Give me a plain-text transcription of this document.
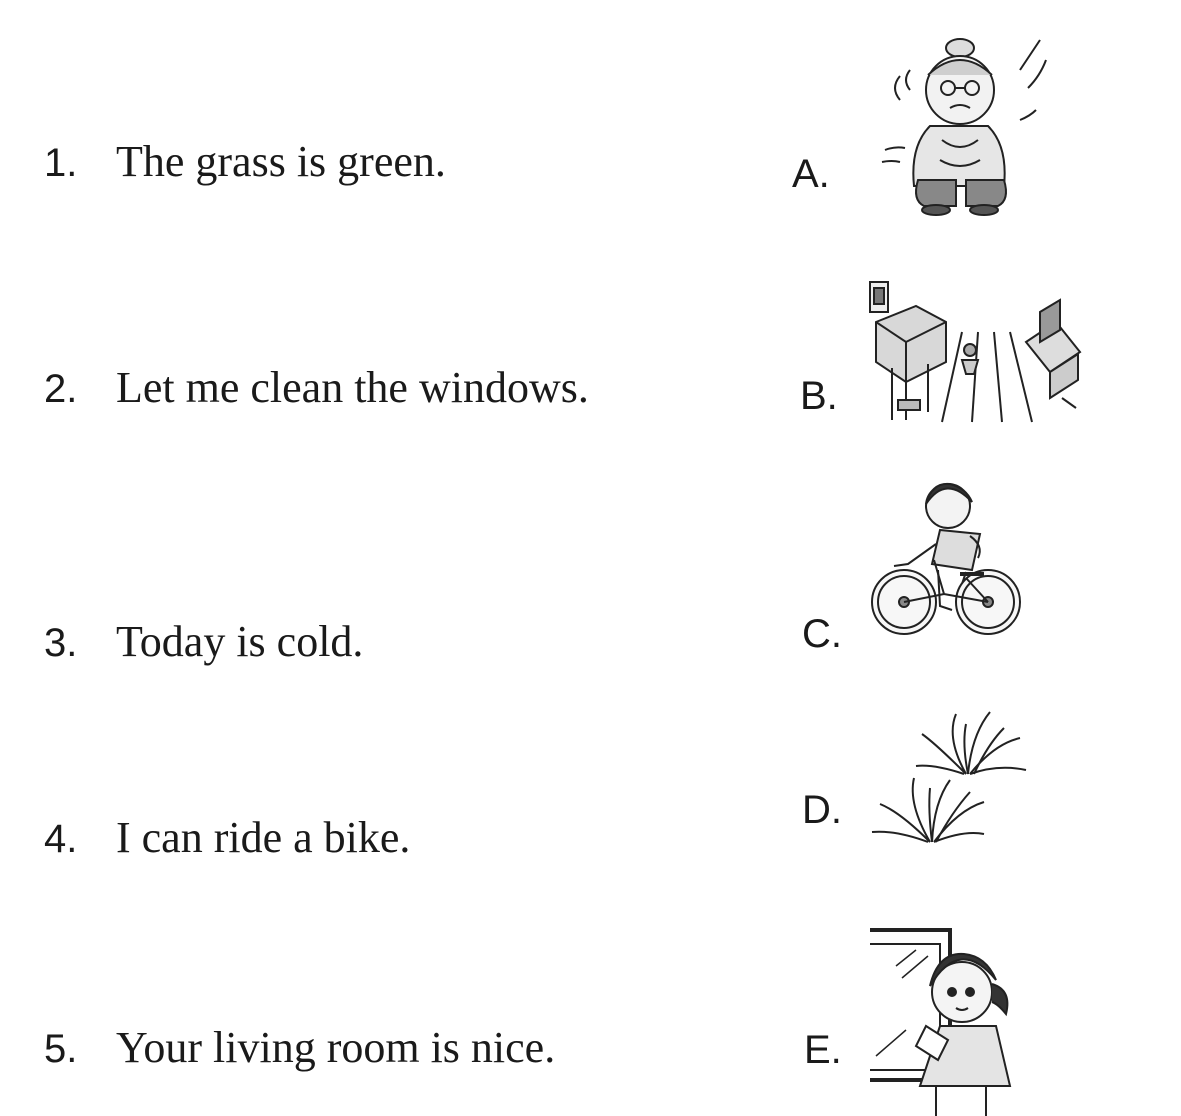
1. The grass is green.
2. Let me clean the windows.
3. Today is cold.
4. I can ride a bike.
5. Your living room is nice.
A.
B.
C.
D.
E.
